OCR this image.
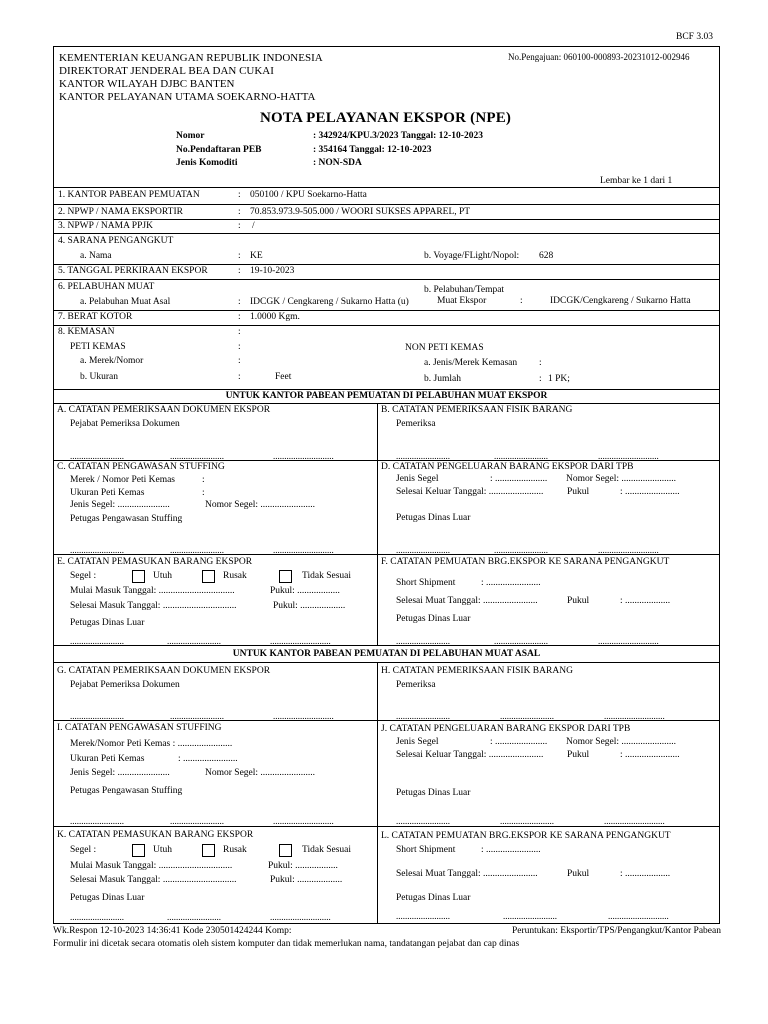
BCF 3.03
KEMENTERIAN KEUANGAN REPUBLIK INDONESIA
DIREKTORAT JENDERAL BEA DAN CUKAI
KANTOR WILAYAH DJBC BANTEN
KANTOR PELAYANAN UTAMA SOEKARNO-HATTA
No.Pengajuan: 060100-000893-20231012-002946
NOTA PELAYANAN EKSPOR (NPE)
Nomor	: 342924/KPU.3/2023 Tanggal: 12-10-2023
No.Pendaftaran PEB	: 354164 Tanggal: 12-10-2023
Jenis Komoditi	: NON-SDA
Lembar ke 1 dari 1
1. KANTOR PABEAN PEMUATAN	: 050100 / KPU Soekarno-Hatta
2. NPWP / NAMA EKSPORTIR	: 70.853.973.9-505.000 / WOORI SUKSES APPAREL, PT
3. NPWP / NAMA PPJK	: /
4. SARANA PENGANGKUT
a. Nama	: KE	b. Voyage/FLight/Nopol: 628
5. TANGGAL PERKIRAAN EKSPOR	: 19-10-2023
6. PELABUHAN MUAT	b. Pelabuhan/Tempat
a. Pelabuhan Muat Asal	: IDCGK / Cengkareng / Sukarno Hatta (u)	Muat Ekspor	:	IDCGK/Cengkareng / Sukarno Hatta
7. BERAT KOTOR	: 1.0000 Kgm.
8. KEMASAN	:
PETI KEMAS	:	NON PETI KEMAS
a. Merek/Nomor	:	a. Jenis/Merek Kemasan :
b. Ukuran	:	Feet	b. Jumlah	: 1 PK;
UNTUK KANTOR PABEAN PEMUATAN DI PELABUHAN MUAT EKSPOR
A. CATATAN PEMERIKSAAN DOKUMEN EKSPOR
Pejabat Pemeriksa Dokumen
........................	........................	...........................
B. CATATAN PEMERIKSAAN FISIK BARANG
Pemeriksa
........................	........................	...........................
C. CATATAN PENGAWASAN STUFFING
Merek / Nomor Peti Kemas	:
Ukuran Peti Kemas	:
Jenis Segel: ......................	Nomor Segel: .......................
Petugas Pengawasan Stuffing
........................	........................	...........................
D. CATATAN PENGELUARAN BARANG EKSPOR DARI TPB
Jenis Segel	: ...................... Nomor Segel: .......................
Selesai Keluar Tanggal: ....................... Pukul	: .......................
Petugas Dinas Luar
........................	........................	...........................
E. CATATAN PEMASUKAN BARANG EKSPOR
Segel :	Utuh	Rusak	Tidak Sesuai
Mulai Masuk Tanggal: ................................	Pukul: ..................
Selesai Masuk Tanggal: ...............................	Pukul: ...................
Petugas Dinas Luar
........................	........................	...........................
F. CATATAN PEMUATAN BRG.EKSPOR KE SARANA PENGANGKUT
Short Shipment	: .......................
Selesai Muat Tanggal: .......................	Pukul	: ...................
Petugas Dinas Luar
........................	........................	...........................
UNTUK KANTOR PABEAN PEMUATAN DI PELABUHAN MUAT ASAL
G. CATATAN PEMERIKSAAN DOKUMEN EKSPOR
Pejabat Pemeriksa Dokumen
........................	........................	...........................
H. CATATAN PEMERIKSAAN FISIK BARANG
Pemeriksa
........................	........................	...........................
I. CATATAN PENGAWASAN STUFFING
Merek/Nomor Peti Kemas : .......................
Ukuran Peti Kemas	: .......................
Jenis Segel: ......................	Nomor Segel: .......................
Petugas Pengawasan Stuffing
........................	........................	...........................
J. CATATAN PENGELUARAN BARANG EKSPOR DARI TPB
Jenis Segel	: ...................... Nomor Segel: .......................
Selesai Keluar Tanggal: ....................... Pukul	: .......................
Petugas Dinas Luar
........................	........................	...........................
K. CATATAN PEMASUKAN BARANG EKSPOR
Segel :	Utuh	Rusak	Tidak Sesuai
Mulai Masuk Tanggal: ...............................	Pukul: ..................
Selesai Masuk Tanggal: ...............................	Pukul: ...................
Petugas Dinas Luar
........................	........................	...........................
L. CATATAN PEMUATAN BRG.EKSPOR KE SARANA PENGANGKUT
Short Shipment	: .......................
Selesai Muat Tanggal: .......................	Pukul	: ...................
Petugas Dinas Luar
........................	........................	...........................
Wk.Respon 12-10-2023 14:36:41 Kode 230501424244 Komp:	Peruntukan: Eksportir/TPS/Pengangkut/Kantor Pabean
Formulir ini dicetak secara otomatis oleh sistem komputer dan tidak memerlukan nama, tandatangan pejabat dan cap dinas
